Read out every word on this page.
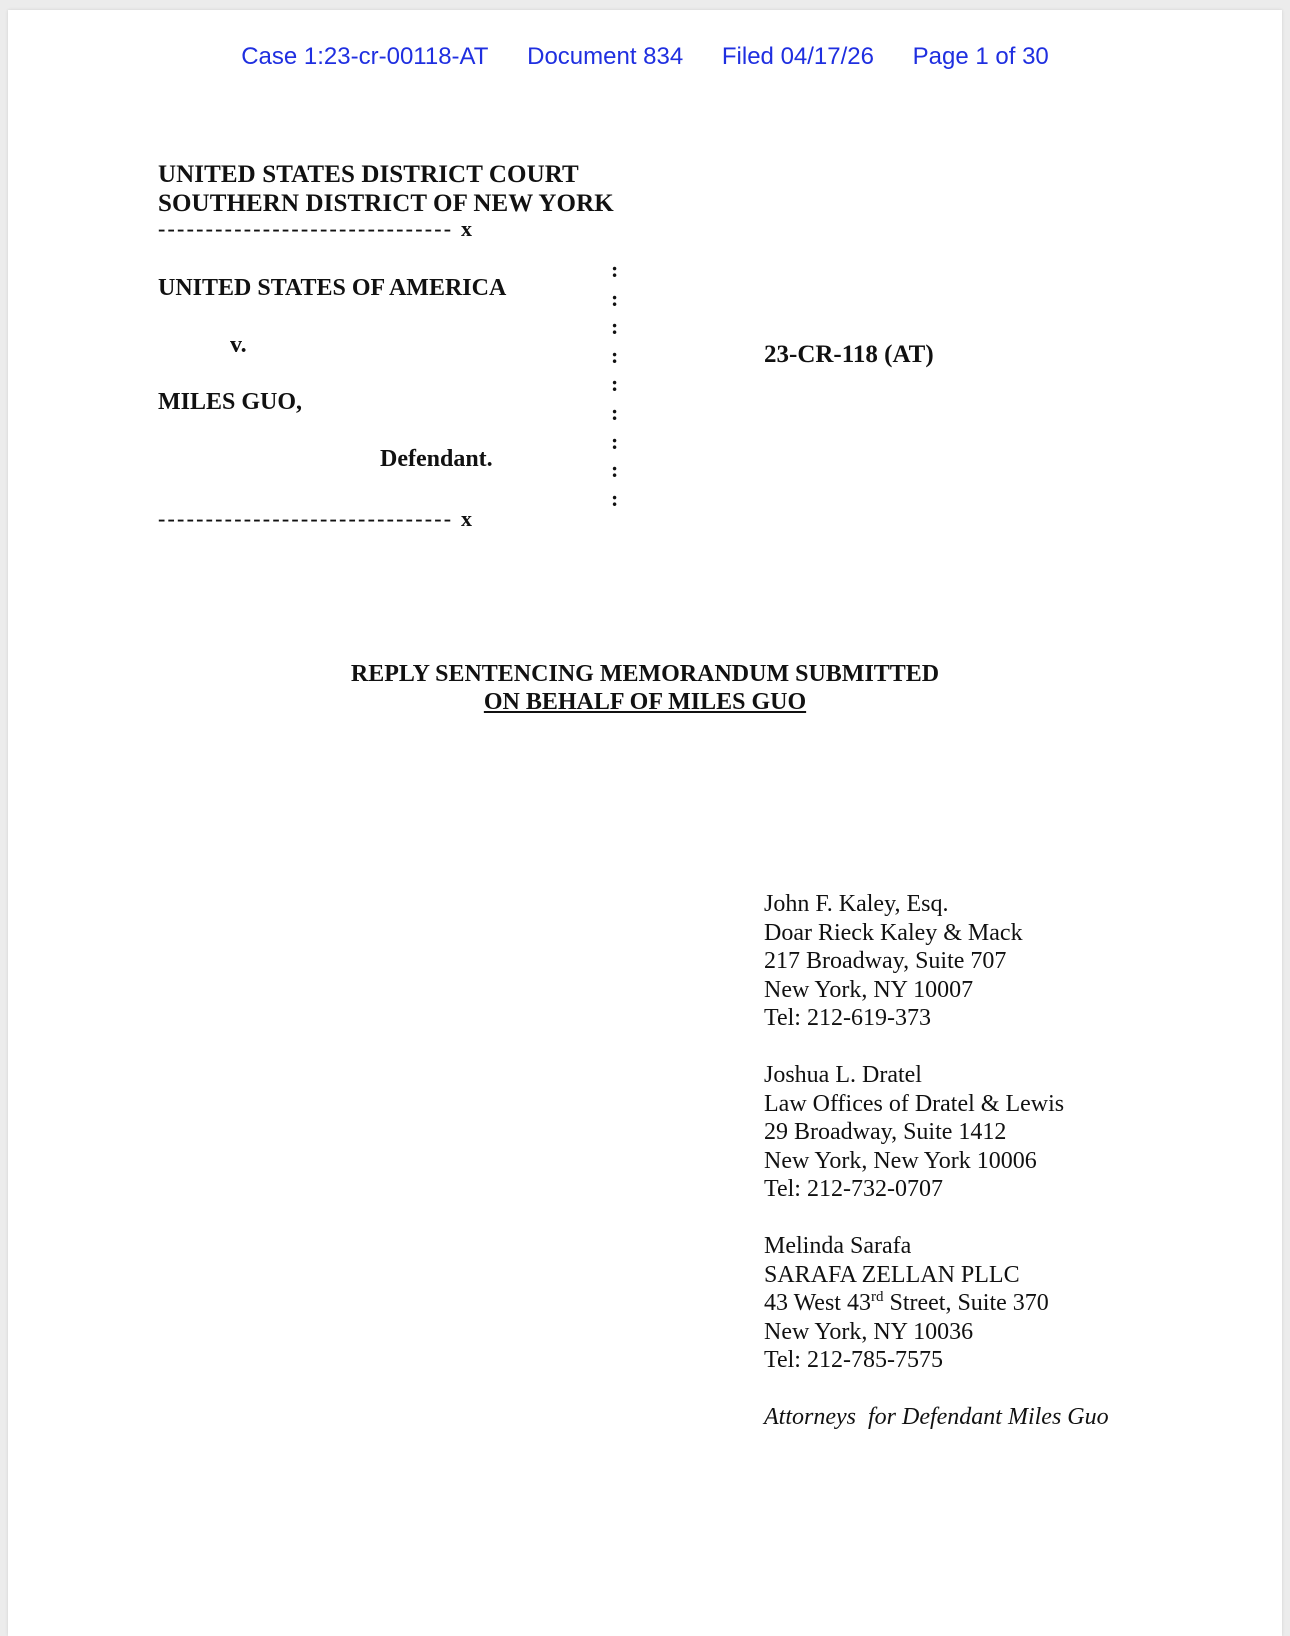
Case 1:23-cr-00118-AT Document 834 Filed 04/17/26 Page 1 of 30
UNITED STATES DISTRICT COURT
SOUTHERN DISTRICT OF NEW YORK
------------------------------- x
:
:
:
:
:
:
:
:
:
UNITED STATES OF AMERICA
v.
MILES GUO,
Defendant.
------------------------------- x
23-CR-118 (AT)
REPLY SENTENCING MEMORANDUM SUBMITTED
ON BEHALF OF MILES GUO
John F. Kaley, Esq.
Doar Rieck Kaley & Mack
217 Broadway, Suite 707
New York, NY 10007
Tel: 212-619-373
Joshua L. Dratel
Law Offices of Dratel & Lewis
29 Broadway, Suite 1412
New York, New York 10006
Tel: 212-732-0707
Melinda Sarafa
SARAFA ZELLAN PLLC
43 West 43rd Street, Suite 370
New York, NY 10036
Tel: 212-785-7575
Attorneys  for Defendant Miles Guo
